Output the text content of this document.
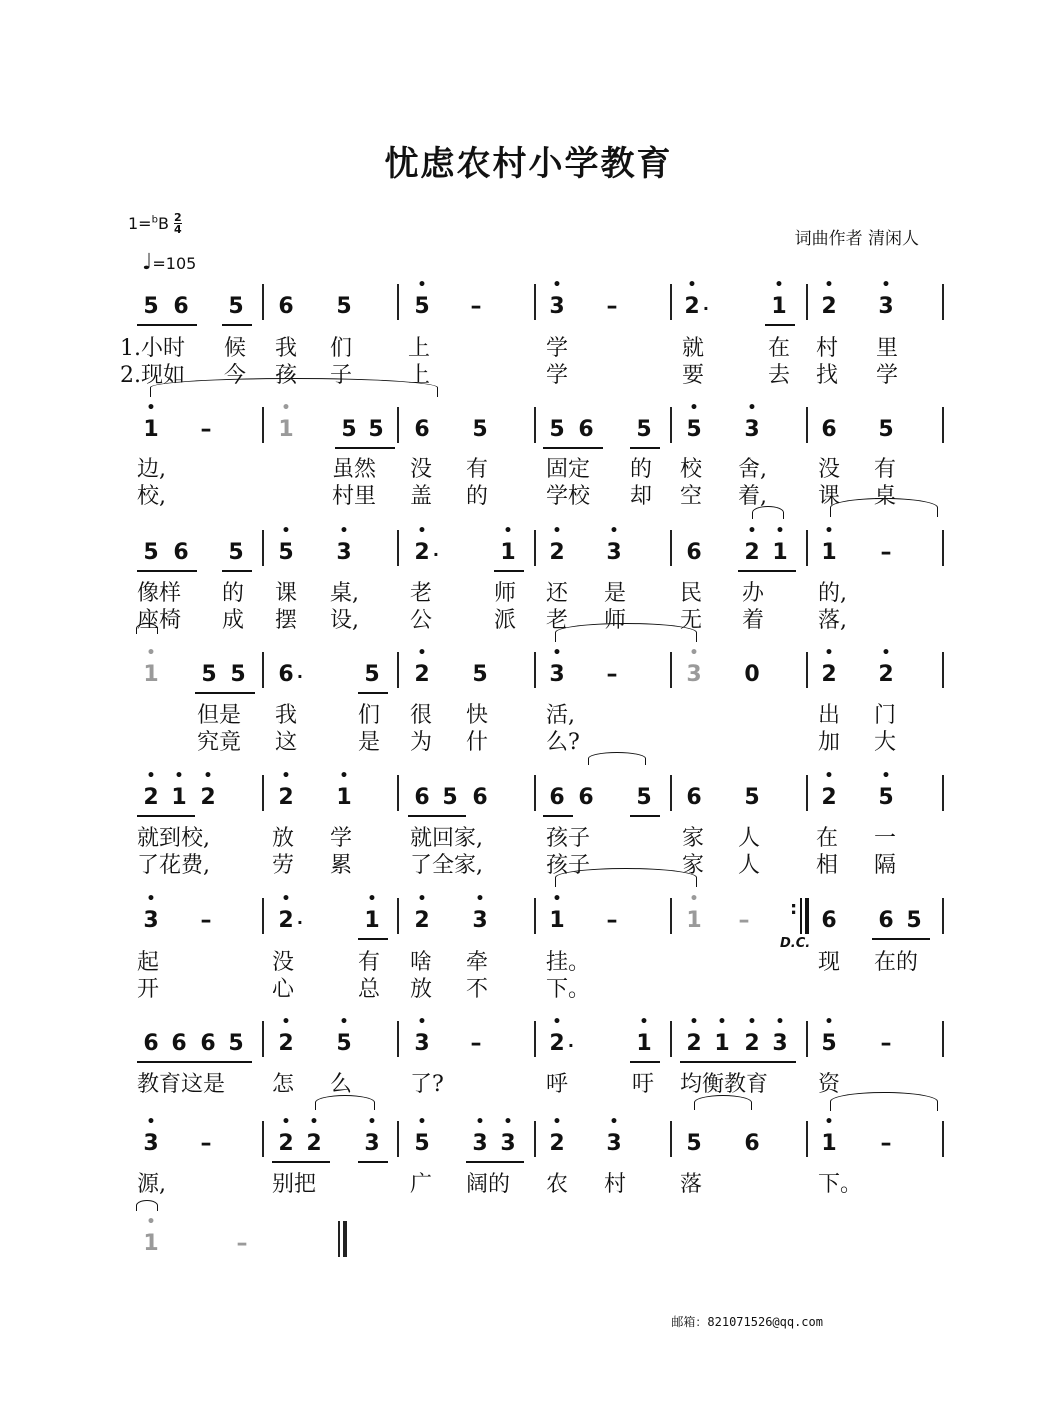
忧虑农村小学教育
1=$^b$B 2
4
♩=105
词曲作者 清闲人
5 6	5	6	5	5
•
–	3
•
–	2
•
·	1
•
2
•
3
•
1
•
–	1
•
5 5	6	5	5 6	5	5
•
3
•
6	5
5 6	5	5
•
3
•
2
•
·	1
•
2
•
3
•
6	2
•
1
•
1
•
–
1
•
5 5	6 ·	5	2
•
5	3
•
–	3
•
0	2
•
2
•
2
•
1
•
2
•
2
•
1
•
6 5 6	6 6	5	6	5	2
•
5
•
3
•
–	2
•
·	1
•
2
•
3
•
1
•
–	1
•
–	6	6 5
:
D.C.
6 6 6 5	2
•
5
•
3
•
–	2
•
·	1
•
2
•
1
•
2
•
3
•
5
•
–
3
•
–	2
•
2
•
3
•
5
•
3
•
3
•
2
•
3
•
5	6	1
•
–
1
•
–
1.小时 候 我 们	上	学	就	在 村 里
2.现如 今 孩 子	上	学	要	去 找 学
边,	虽然 没 有	固定 的 校 舍, 没 有
校,	村里 盖 的	学校 却 空 着, 课 桌
像样 的 课 桌, 老	师 还 是 民 办 的,
座椅 成 摆 设, 公	派 老 师 无 着 落,
但是 我	们 很 快	活,	出 门
究竟 这	是 为 什	么?	加 大
就到校,	放 学	就回家,	孩子	家 人	在 一
了花费,	劳 累	了全家,	孩子	家 人	相 隔
起	没	有 啥 牵	挂。	现 在的
开	心	总 放 不	下。
教育这是 怎 么	了?	呼	吁 均衡教育 资
源,	别把	广 阔的 农 村 落	下。
邮箱：821071526@qq.com
